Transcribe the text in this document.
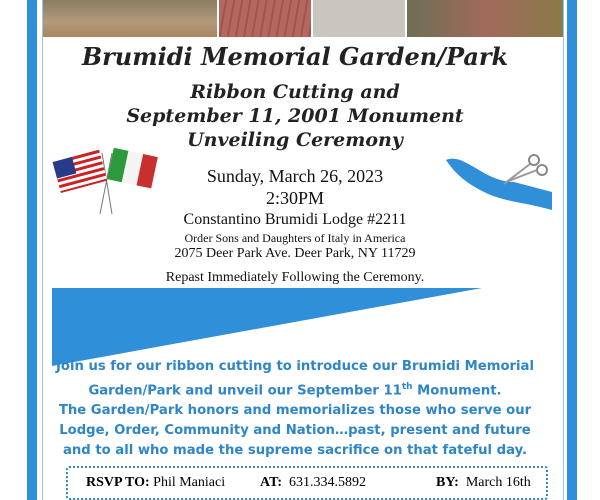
Brumidi Memorial Garden/Park
Ribbon Cutting and
September 11, 2001 Monument
Unveiling Ceremony
Sunday, March 26, 2023
2:30PM
Constantino Brumidi Lodge #2211
Order Sons and Daughters of Italy in America
2075 Deer Park Ave. Deer Park, NY 11729
Repast Immediately Following the Ceremony.
Join us for our ribbon cutting to introduce our Brumidi Memorial
Garden/Park and unveil our September 11th Monument.
The Garden/Park honors and memorializes those who serve our
Lodge, Order, Community and Nation…past, present and future
and to all who made the supreme sacrifice on that fateful day.
RSVP TO: Phil Maniaci AT: 631.334.5892	BY: March 16th
